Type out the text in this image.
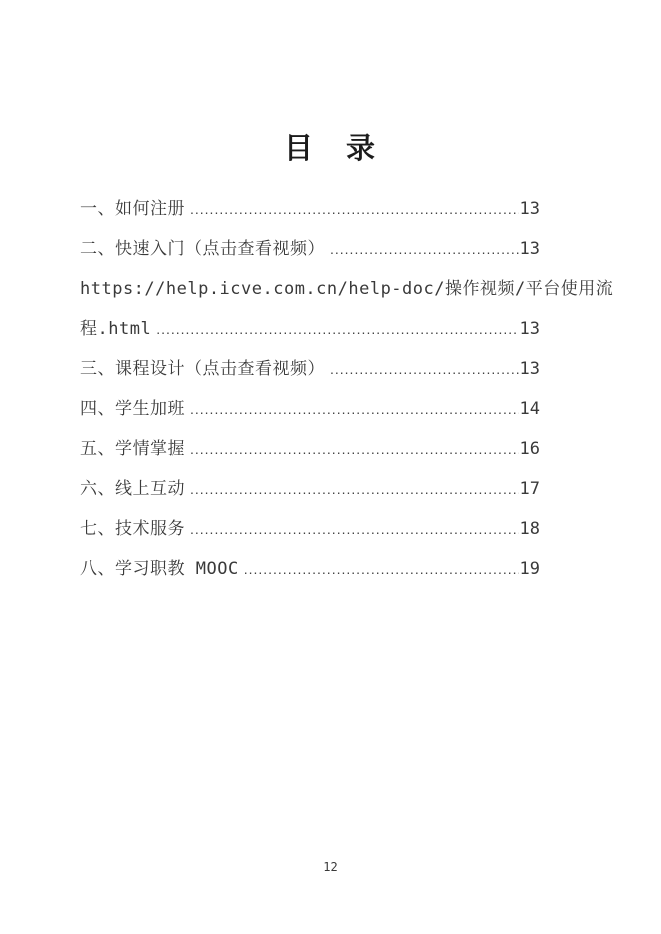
目　录
一、如何注册 .....	13
二、快速入门（点击查看视频） .....	13
https://help.icve.com.cn/help-doc/操作视频/平台使用流
程.html .....	13
三、课程设计（点击查看视频） .....	13
四、学生加班 .....	14
五、学情掌握 .....	16
六、线上互动 .....	17
七、技术服务 .....	18
八、学习职教 MOOC .....	19
12
